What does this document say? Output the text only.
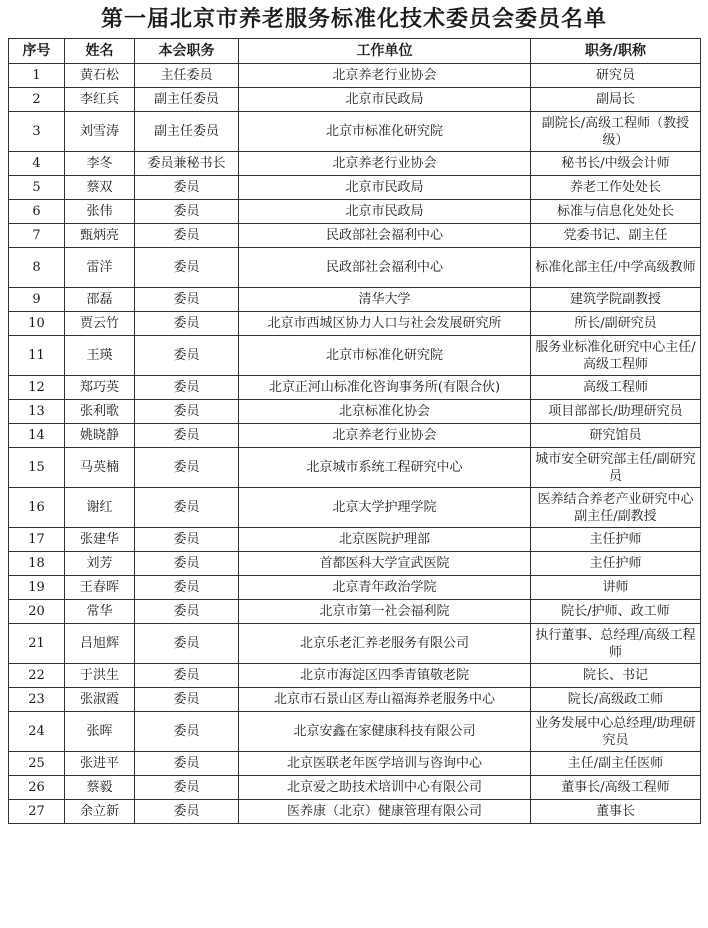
第一届北京市养老服务标准化技术委员会委员名单
序号	姓名	本会职务	工作单位	职务/职称
1	黄石松	主任委员	北京养老行业协会	研究员
2	李红兵	副主任委员	北京市民政局	副局长
3	刘雪涛	副主任委员	北京市标准化研究院	副院长/高级工程师（教授级）
4	李冬	委员兼秘书长	北京养老行业协会	秘书长/中级会计师
5	蔡双	委员	北京市民政局	养老工作处处长
6	张伟	委员	北京市民政局	标准与信息化处处长
7	甄炳亮	委员	民政部社会福利中心	党委书记、副主任
8	雷洋	委员	民政部社会福利中心	标准化部主任/中学高级教师
9	邵磊	委员	清华大学	建筑学院副教授
10	贾云竹	委员	北京市西城区协力人口与社会发展研究所	所长/副研究员
11	王瑛	委员	北京市标准化研究院	服务业标准化研究中心主任/高级工程师
12	郑巧英	委员	北京正河山标准化咨询事务所(有限合伙)	高级工程师
13	张利歌	委员	北京标准化协会	项目部部长/助理研究员
14	姚晓静	委员	北京养老行业协会	研究馆员
15	马英楠	委员	北京城市系统工程研究中心	城市安全研究部主任/副研究员
16	谢红	委员	北京大学护理学院	医养结合养老产业研究中心副主任/副教授
17	张建华	委员	北京医院护理部	主任护师
18	刘芳	委员	首都医科大学宣武医院	主任护师
19	王春晖	委员	北京青年政治学院	讲师
20	常华	委员	北京市第一社会福利院	院长/护师、政工师
21	吕旭辉	委员	北京乐老汇养老服务有限公司	执行董事、总经理/高级工程师
22	于洪生	委员	北京市海淀区四季青镇敬老院	院长、书记
23	张淑霞	委员	北京市石景山区寿山福海养老服务中心	院长/高级政工师
24	张晖	委员	北京安鑫在家健康科技有限公司	业务发展中心总经理/助理研究员
25	张进平	委员	北京医联老年医学培训与咨询中心	主任/副主任医师
26	蔡毅	委员	北京爱之助技术培训中心有限公司	董事长/高级工程师
27	余立新	委员	医养康（北京）健康管理有限公司	董事长
